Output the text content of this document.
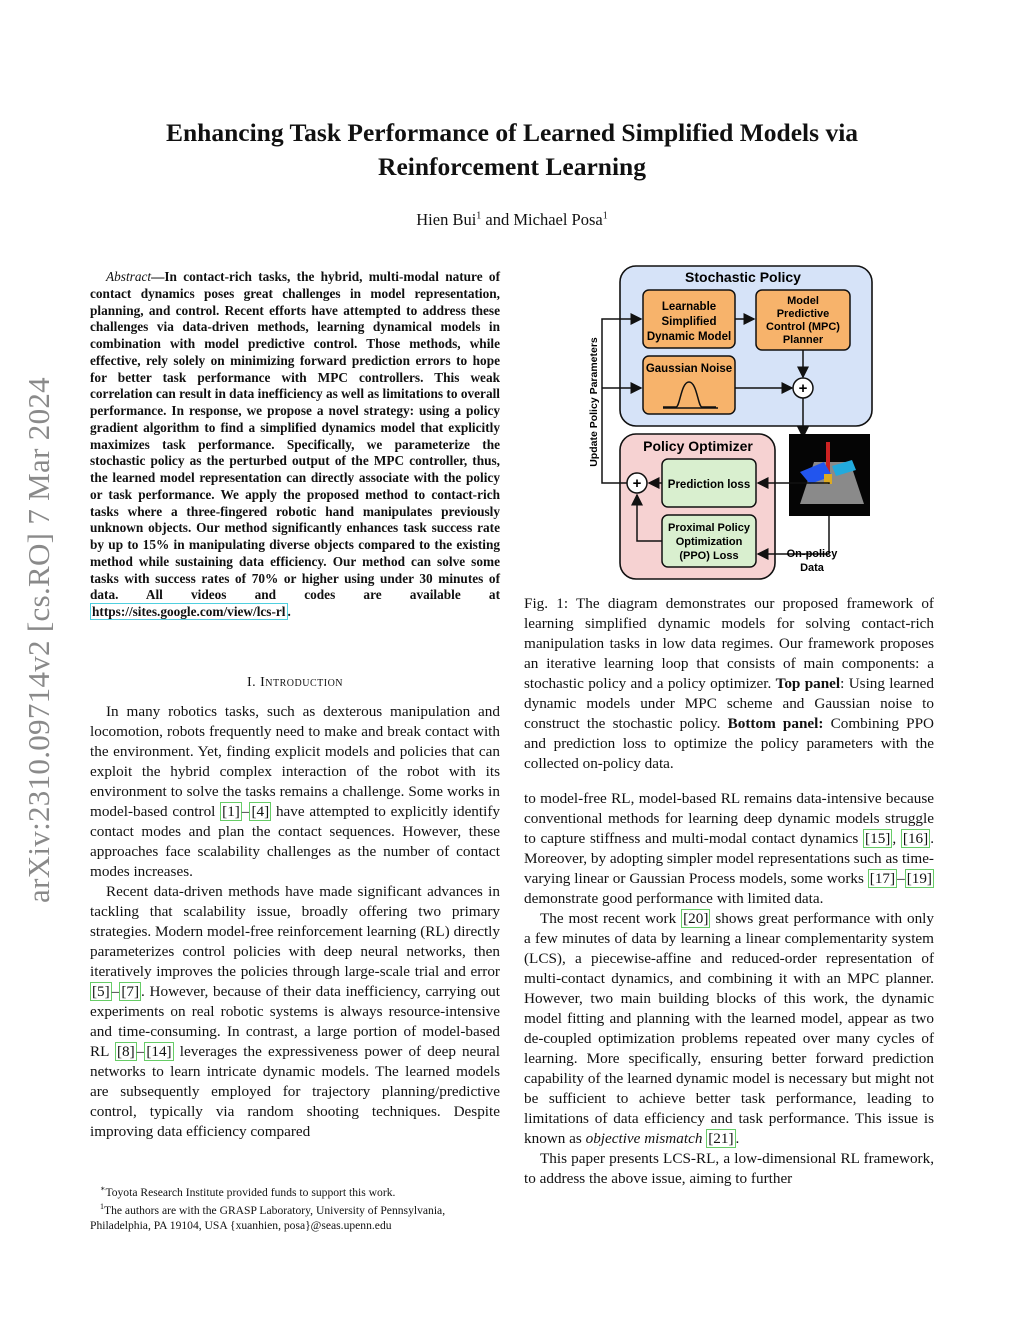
arXiv:2310.09714v2 [cs.RO] 7 Mar 2024
Enhancing Task Performance of Learned Simplified Models via
Reinforcement Learning
Hien Bui$^1$ and Michael Posa$^1$
Abstract—In contact-rich tasks, the hybrid, multi-modal nature of contact dynamics poses great challenges in model representation, planning, and control. Recent efforts have attempted to address these challenges via data-driven methods, learning dynamical models in combination with model predictive control. Those methods, while effective, rely solely on minimizing forward prediction errors to hope for better task performance with MPC controllers. This weak correlation can result in data inefficiency as well as limitations to overall performance. In response, we propose a novel strategy: using a policy gradient algorithm to find a simplified dynamics model that explicitly maximizes task performance. Specifically, we parameterize the stochastic policy as the perturbed output of the MPC controller, thus, the learned model representation can directly associate with the policy or task performance. We apply the proposed method to contact-rich tasks where a three-fingered robotic hand manipulates previously unknown objects. Our method significantly enhances task success rate by up to 15% in manipulating diverse objects compared to the existing method while sustaining data efficiency. Our method can solve some tasks with success rates of 70% or higher using under 30 minutes of data. All videos and codes are available at https://sites.google.com/view/lcs-rl .
I. Introduction

In many robotics tasks, such as dexterous manipulation and locomotion, robots frequently need to make and break contact with the environment. Yet, finding explicit models and policies that can exploit the hybrid complex interaction of the robot with its environment to solve the tasks remains a challenge. Some works in model-based control [1] – [4] have attempted to explicitly identify contact modes and plan the contact sequences. However, these approaches face scalability challenges as the number of contact modes increases.

Recent data-driven methods have made significant advances in tackling that scalability issue, broadly offering two primary strategies. Modern model-free reinforcement learning (RL) directly parameterizes control policies with deep neural networks, then iteratively improves the policies through large-scale trial and error [5] – [7] . However, because of their data inefficiency, carrying out experiments on real robotic systems is always resource-intensive and time-consuming. In contrast, a large portion of model-based RL [8] – [14] leverages the expressiveness power of deep neural networks to learn intricate dynamic models. The learned models are subsequently employed for trajectory planning/predictive control, typically via random shooting techniques. Despite improving data efficiency compared

∗Toyota Research Institute provided funds to support this work.

$^1$The authors are with the GRASP Laboratory, University of Pennsylvania, Philadelphia, PA 19104, USA {xuanhien, posa}@seas.upenn.edu

Stochastic Policy
Learnable
Simplified
Dynamic Model
Model
Predictive
Control (MPC)
Planner
Gaussian Noise
+
Policy Optimizer
Prediction loss
Proximal Policy
Optimization
(PPO) Loss
+
Update Policy Parameters
On-policy
Data

Fig. 1: The diagram demonstrates our proposed framework of learning simplified dynamic models for solving contact-rich manipulation tasks in low data regimes. Our framework proposes an iterative learning loop that consists of main components: a stochastic policy and a policy optimizer. Top panel: Using learned dynamic models under MPC scheme and Gaussian noise to construct the stochastic policy. Bottom panel: Combining PPO and prediction loss to optimize the policy parameters with the collected on-policy data.

to model-free RL, model-based RL remains data-intensive because conventional methods for learning deep dynamic models struggle to capture stiffness and multi-modal contact dynamics [15] , [16] . Moreover, by adopting simpler model representations such as time-varying linear or Gaussian Process models, some works [17] – [19] demonstrate good performance with limited data.

The most recent work [20] shows great performance with only a few minutes of data by learning a linear complementarity system (LCS), a piecewise-affine and reduced-order representation of multi-contact dynamics, and combining it with an MPC planner. However, two main building blocks of this work, the dynamic model fitting and planning with the learned model, appear as two de-coupled optimization problems repeated over many cycles of learning. More specifically, ensuring better forward prediction capability of the learned dynamic model is necessary but might not be sufficient to achieve better task performance, leading to limitations of data efficiency and task performance. This issue is known as objective mismatch [21] .

This paper presents LCS-RL, a low-dimensional RL framework, to address the above issue, aiming to further
